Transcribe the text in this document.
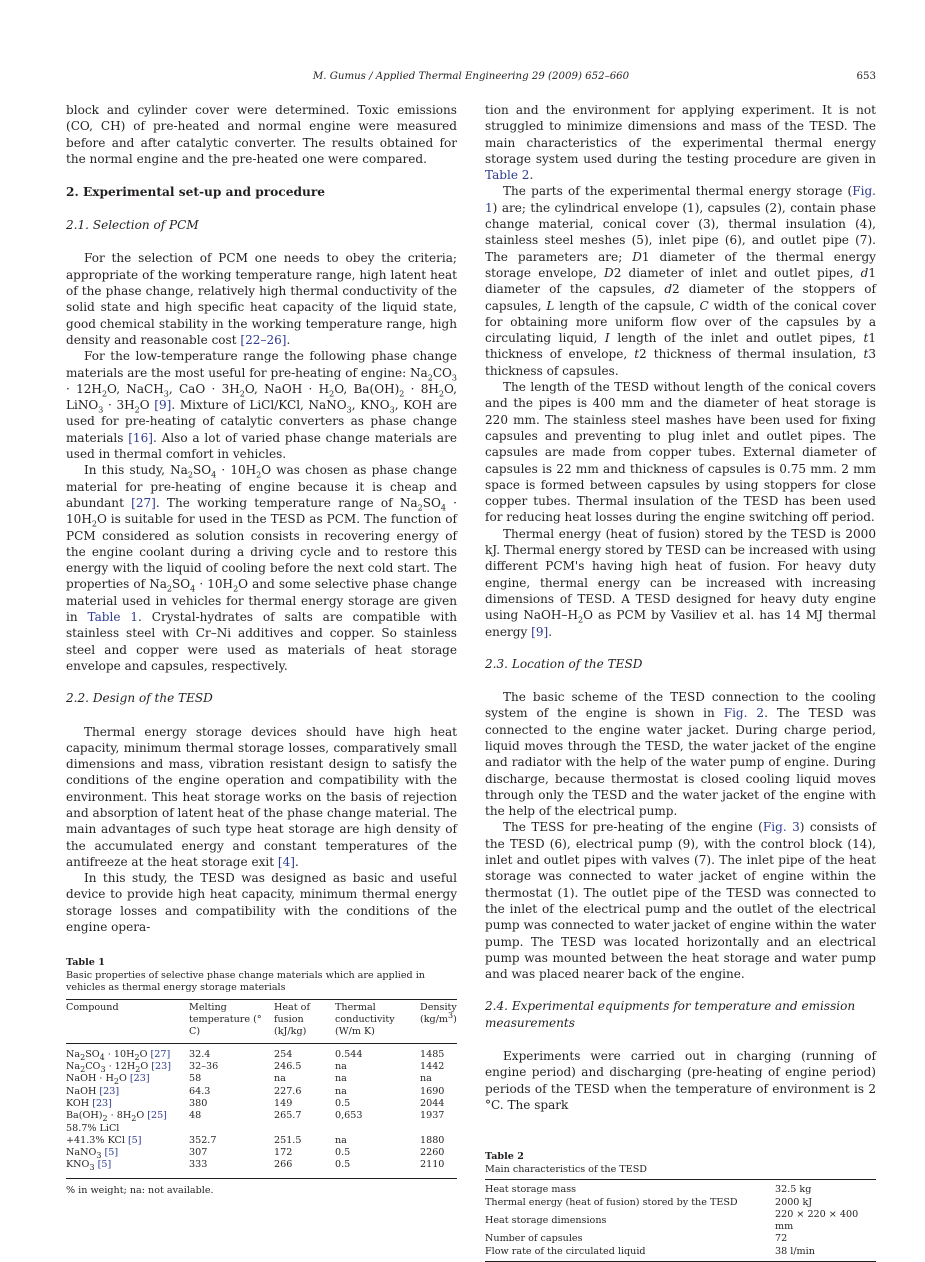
M. Gumus / Applied Thermal Engineering 29 (2009) 652–660	653

block and cylinder cover were determined. Toxic emissions (CO, CH) of pre-heated and normal engine were measured before and after catalytic converter. The results obtained for the normal engine and the pre-heated one were compared.

2. Experimental set-up and procedure
2.1. Selection of PCM

For the selection of PCM one needs to obey the criteria; appropriate of the working temperature range, high latent heat of the phase change, relatively high thermal conductivity of the solid state and high specific heat capacity of the liquid state, good chemical stability in the working temperature range, high density and reasonable cost [22–26].

For the low-temperature range the following phase change materials are the most useful for pre-heating of engine: $Na_2CO_3 \cdot 12H_2O$, NaCH$_3$, CaO · $3H_2O$, NaOH · $H_2O$, $Ba(OH)_2 \cdot 8H_2O$, LiNO$_3$ · $3H_2O$ [9]. Mixture of LiCl/KCl, NaNO$_3$, $KNO_3$, KOH are used for pre-heating of catalytic converters as phase change materials [16]. Also a lot of varied phase change materials are used in thermal comfort in vehicles.

In this study, $Na_2SO_4 \cdot 10H_2O$ was chosen as phase change material for pre-heating of engine because it is cheap and abundant [27]. The working temperature range of $Na_2SO_4 \cdot 10H_2O$ is suitable for used in the TESD as PCM. The function of PCM considered as solution consists in recovering energy of the engine coolant during a driving cycle and to restore this energy with the liquid of cooling before the next cold start. The properties of $Na_2SO_4 \cdot 10H_2O$ and some selective phase change material used in vehicles for thermal energy storage are given in Table 1. Crystal-hydrates of salts are compatible with stainless steel with Cr–Ni additives and copper. So stainless steel and copper were used as materials of heat storage envelope and capsules, respectively.

2.2. Design of the TESD

Thermal energy storage devices should have high heat capacity, minimum thermal storage losses, comparatively small dimensions and mass, vibration resistant design to satisfy the conditions of the engine operation and compatibility with the environment. This heat storage works on the basis of rejection and absorption of latent heat of the phase change material. The main advantages of such type heat storage are high density of the accumulated energy and constant temperatures of the antifreeze at the heat storage exit [4].

In this study, the TESD was designed as basic and useful device to provide high heat capacity, minimum thermal energy storage losses and compatibility with the conditions of the engine opera-

Table 1
Basic properties of selective phase change materials which are applied in vehicles as thermal energy storage materials
Compound	Melting temperature (° C)	Heat of fusion (kJ/kg)	Thermal conductivity (W/m K)	Density $(kg/m^3)$
$Na_2SO_4 \cdot 10H_2O$ [27]	32.4	254	0.544	1485
$Na_2CO_3 \cdot 12H_2O$ [23]	32–36	246.5	na	1442
NaOH · $H_2O$ [23]	58	na	na	na
NaOH [23]	64.3	227.6	na	1690
KOH [23]	380	149	0.5	2044
$Ba(OH)_2 \cdot 8H_2O$ [25]	48	265.7	0,653	1937
58.7% LiCl				
+41.3% KCl [5]	352.7	251.5	na	1880
NaNO$_3$ [5]	307	172	0.5	2260
$KNO_3$ [5]	333	266	0.5	2110
% in weight; na: not available.

tion and the environment for applying experiment. It is not struggled to minimize dimensions and mass of the TESD. The main characteristics of the experimental thermal energy storage system used during the testing procedure are given in Table 2.

The parts of the experimental thermal energy storage (Fig. 1) are; the cylindrical envelope (1), capsules (2), contain phase change material, conical cover (3), thermal insulation (4), stainless steel meshes (5), inlet pipe (6), and outlet pipe (7). The parameters are; D1 diameter of the thermal energy storage envelope, D2 diameter of inlet and outlet pipes, d1 diameter of the capsules, d2 diameter of the stoppers of capsules, L length of the capsule, C width of the conical cover for obtaining more uniform flow over of the capsules by a circulating liquid, I length of the inlet and outlet pipes, t1 thickness of envelope, t2 thickness of thermal insulation, t3 thickness of capsules.

The length of the TESD without length of the conical covers and the pipes is 400 mm and the diameter of heat storage is 220 mm. The stainless steel mashes have been used for fixing capsules and preventing to plug inlet and outlet pipes. The capsules are made from copper tubes. External diameter of capsules is 22 mm and thickness of capsules is 0.75 mm. 2 mm space is formed between capsules by using stoppers for close copper tubes. Thermal insulation of the TESD has been used for reducing heat losses during the engine switching off period.

Thermal energy (heat of fusion) stored by the TESD is 2000 kJ. Thermal energy stored by TESD can be increased with using different PCM's having high heat of fusion. For heavy duty engine, thermal energy can be increased with increasing dimensions of TESD. A TESD designed for heavy duty engine using NaOH–$H_2O$ as PCM by Vasiliev et al. has 14 MJ thermal energy [9].

2.3. Location of the TESD

The basic scheme of the TESD connection to the cooling system of the engine is shown in Fig. 2. The TESD was connected to the engine water jacket. During charge period, liquid moves through the TESD, the water jacket of the engine and radiator with the help of the water pump of engine. During discharge, because thermostat is closed cooling liquid moves through only the TESD and the water jacket of the engine with the help of the electrical pump.

The TESS for pre-heating of the engine (Fig. 3) consists of the TESD (6), electrical pump (9), with the control block (14), inlet and outlet pipes with valves (7). The inlet pipe of the heat storage was connected to water jacket of engine within the thermostat (1). The outlet pipe of the TESD was connected to the inlet of the electrical pump and the outlet of the electrical pump was connected to water jacket of engine within the water pump. The TESD was located horizontally and an electrical pump was mounted between the heat storage and water pump and was placed nearer back of the engine.

2.4. Experimental equipments for temperature and emission measurements

Experiments were carried out in charging (running of engine period) and discharging (pre-heating of engine period) periods of the TESD when the temperature of environment is 2 °C. The spark

Table 2
Main characteristics of the TESD
Heat storage mass	32.5 kg
Thermal energy (heat of fusion) stored by the TESD	2000 kJ
Heat storage dimensions	220 × 220 × 400 mm
Number of capsules	72
Flow rate of the circulated liquid	38 l/min
